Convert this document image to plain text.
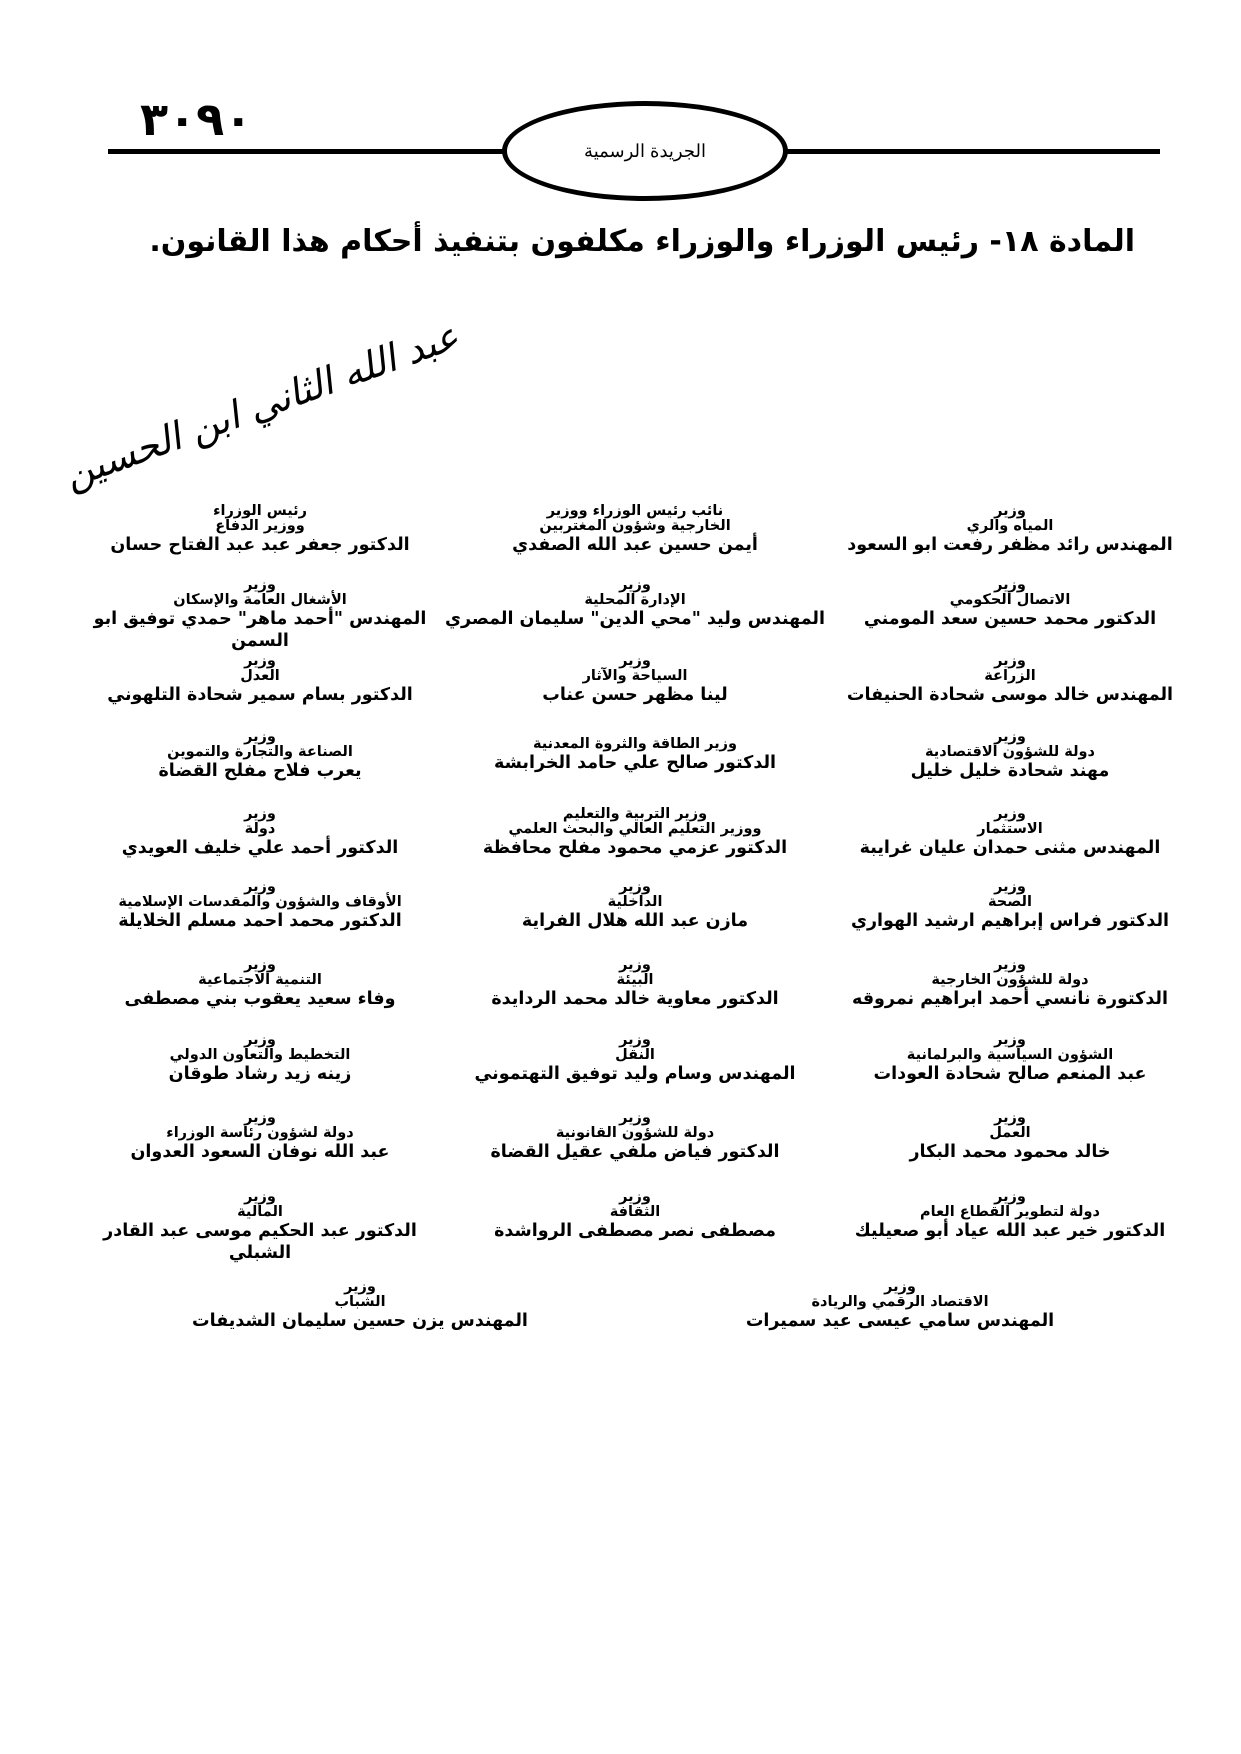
٣٠٩٠
الجريدة الرسمية
المادة ١٨- رئيس الوزراء والوزراء مكلفون بتنفيذ أحكام هذا القانون.
عبد الله الثاني ابن الحسين
وزير
المياه والري
المهندس رائد مظفر رفعت ابو السعود
نائب رئيس الوزراء ووزير
الخارجية وشؤون المغتربين
أيمن حسين عبد الله الصفدي
رئيس الوزراء
ووزير الدفاع
الدكتور جعفر عبد عبد الفتاح حسان
وزير
الاتصال الحكومي
الدكتور محمد حسين سعد المومني
وزير
الإدارة المحلية
المهندس وليد "محي الدين" سليمان المصري
وزير
الأشغال العامة والإسكان
المهندس "أحمد ماهر" حمدي توفيق ابو السمن
وزير
الزراعة
المهندس خالد موسى شحادة الحنيفات
وزير
السياحة والآثار
لينا مظهر حسن عناب
وزير
العدل
الدكتور بسام سمير شحادة التلهوني
وزير
دولة للشؤون الاقتصادية
مهند شحادة خليل خليل
وزير الطاقة والثروة المعدنية
الدكتور صالح علي حامد الخرابشة
وزير
الصناعة والتجارة والتموين
يعرب فلاح مفلح القضاة
وزير
الاستثمار
المهندس مثنى حمدان عليان غرايبة
وزير التربية والتعليم
ووزير التعليم العالي والبحث العلمي
الدكتور عزمي محمود مفلح محافظة
وزير
دولة
الدكتور أحمد علي خليف العويدي
وزير
الصحة
الدكتور فراس إبراهيم ارشيد الهواري
وزير
الداخلية
مازن عبد الله هلال الفراية
وزير
الأوقاف والشؤون والمقدسات الإسلامية
الدكتور محمد احمد مسلم الخلايلة
وزير
دولة للشؤون الخارجية
الدكتورة نانسي أحمد ابراهيم نمروقه
وزير
البيئة
الدكتور معاوية خالد محمد الردايدة
وزير
التنمية الاجتماعية
وفاء سعيد يعقوب بني مصطفى
وزير
الشؤون السياسية والبرلمانية
عبد المنعم صالح شحادة العودات
وزير
النقل
المهندس وسام وليد توفيق التهتموني
وزير
التخطيط والتعاون الدولي
زينه زيد رشاد طوقان
وزير
العمل
خالد محمود محمد البكار
وزير
دولة للشؤون القانونية
الدكتور فياض ملفي عقيل القضاة
وزير
دولة لشؤون رئاسة الوزراء
عبد الله نوفان السعود العدوان
وزير
دولة لتطوير القطاع العام
الدكتور خير عبد الله عياد أبو صعيليك
وزير
الثقافة
مصطفى نصر مصطفى الرواشدة
وزير
المالية
الدكتور عبد الحكيم موسى عبد القادر الشبلي
وزير
الاقتصاد الرقمي والريادة
المهندس سامي عيسى عيد سميرات
وزير
الشباب
المهندس يزن حسين سليمان الشديفات
